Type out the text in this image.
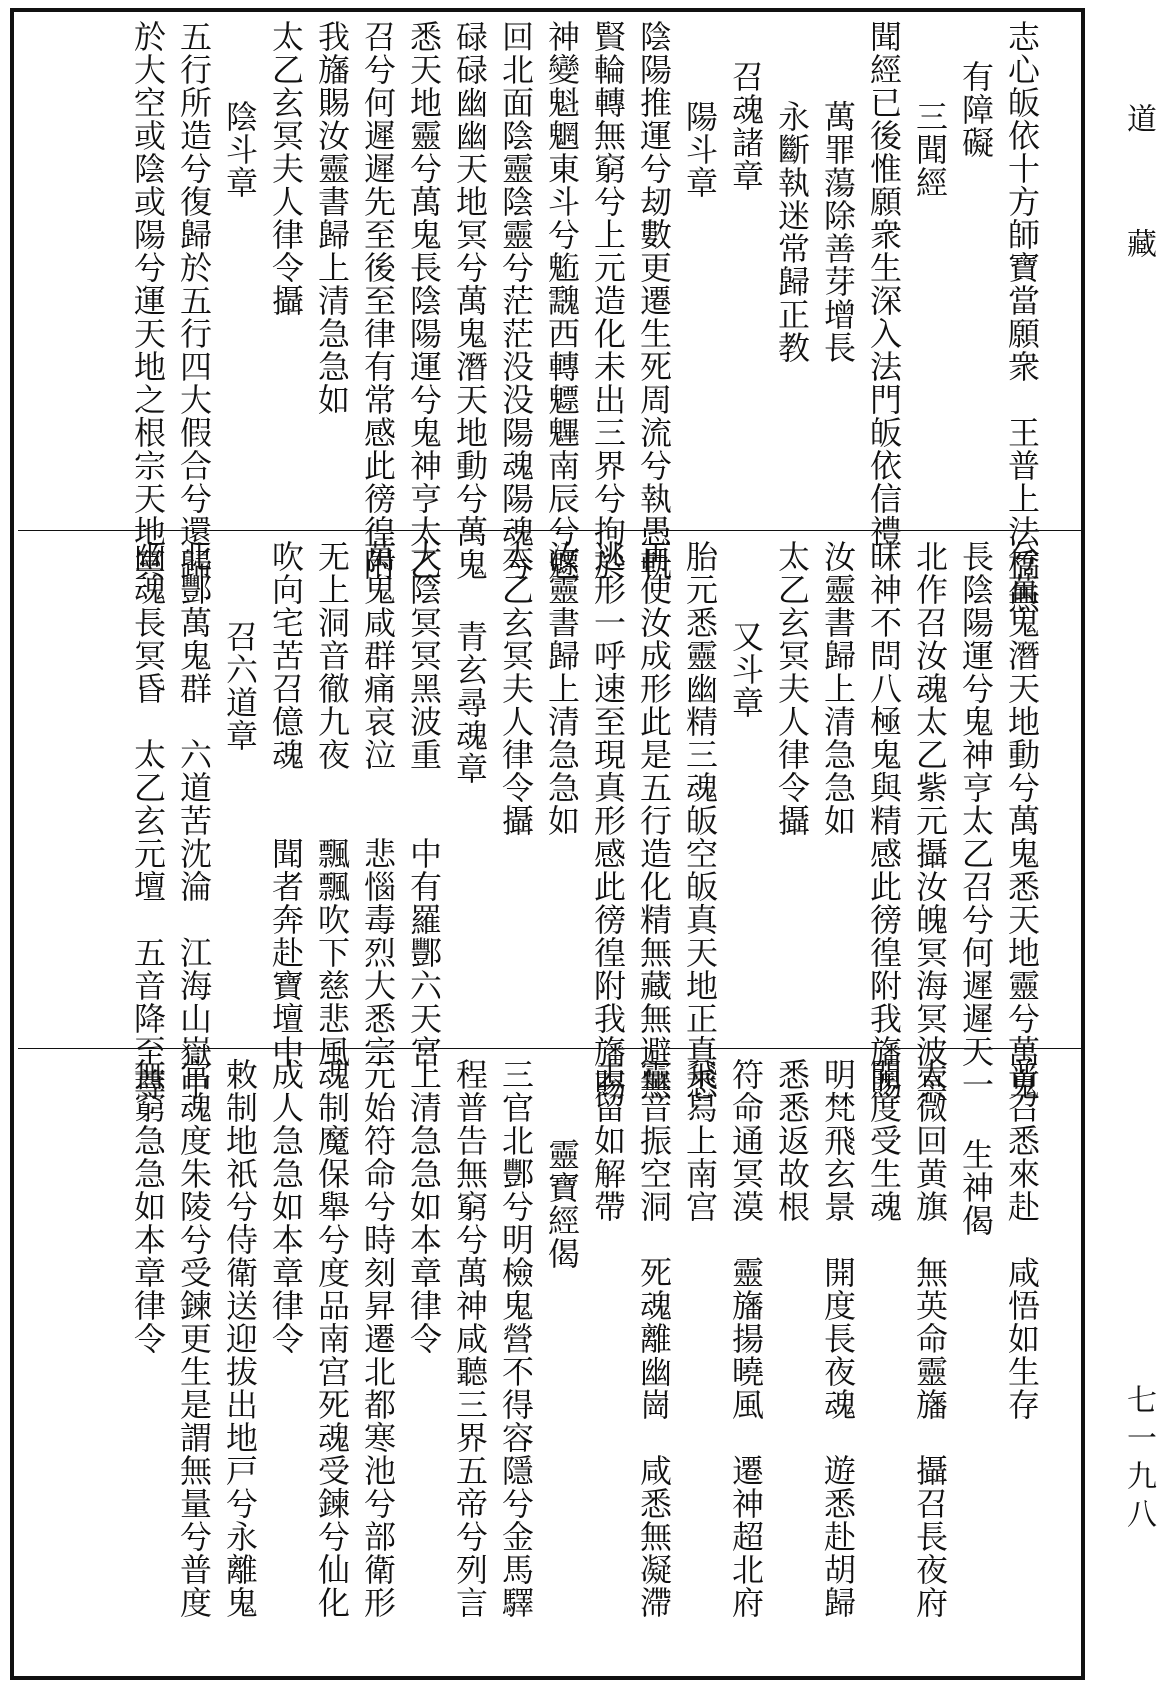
志心皈依十方師寶當願衆　王普上法橋無
有障礙
三聞經
聞經已後惟願衆生深入法門皈依信禮
萬罪蕩除善芽增長
永斷執迷常歸正教
召魂諸章
陽斗章
陰陽推運兮刼數更遷生死周流兮執愚軌
賢輪轉無窮兮上元造化未出三界兮拘於
神變魁魍東斗兮䰢䰰西轉魒魓南辰兮魒
回北面陰靈陰靈兮茫茫没没陽魂陽魂兮
碌碌幽幽天地冥兮萬鬼潛天地動兮萬鬼
悉天地靈兮萬鬼長陰陽運兮鬼神亨太乙
召兮何遲遲先至後至律有常感此徬徨附
我旛賜汝靈書歸上清急急如
太乙玄冥夫人律令攝
陰斗章
五行所造兮復歸於五行四大假合兮還歸
於大空或陰或陽兮運天地之根宗天地冥
兮萬鬼潛天地動兮萬鬼悉天地靈兮萬鬼
長陰陽運兮鬼神亨太乙召兮何遲遲天一
北作召汝魂太乙紫元攝汝魄冥海冥波冥
昧神不問八極鬼與精感此徬徨附我旛賜
汝靈書歸上清急急如
太乙玄冥夫人律令攝
又斗章
胎元悉靈幽精三魂皈空皈真天地正真悉
再使汝成形此是五行造化精無藏無避無
逃形一呼速至現真形感此徬徨附我旛賜
汝靈書歸上清急急如
太乙玄冥夫人律令攝
青玄尋魂章
大陰冥冥黑波重　　中有羅酆六天宮
萬鬼咸群痛哀泣　　悲惱毒烈大悉宗
无上洞音徹九夜　　飄飄吹下慈悲風
吹向宅苦召億魂　　聞者奔赴寶壇中
召六道章
北酆萬鬼群　六道苦沈淪　江海山嶽中
幽魂長冥昏　太乙玄元壇　五音降至尊
普召悉來赴　咸悟如生存
生神偈
太微回黄旗　無英命靈旛　攝召長夜府
開度受生魂
明梵飛玄景　開度長夜魂　遊悉赴胡歸
悉悉返故根
符命通冥漠　靈旛揚曉風　遷神超北府
飛舄上南宫
靈音振空洞　死魂離幽崗　咸悉無凝滯
去留如解帶
靈寶經偈
三官北酆兮明檢鬼營不得容隱兮金馬驛
程普告無窮兮萬神咸聽三界五帝兮列言
上清急急如本章律令
元始符命兮時刻昇遷北都寒池兮部衛形
魂制魔保舉兮度品南宫死魂受鍊兮仙化
成人急急如本章律令
敕制地祇兮侍衛送迎拔出地戸兮永離鬼
官魂度朱陵兮受鍊更生是謂無量兮普度
無窮急急如本章律令
道 藏
七一九八
